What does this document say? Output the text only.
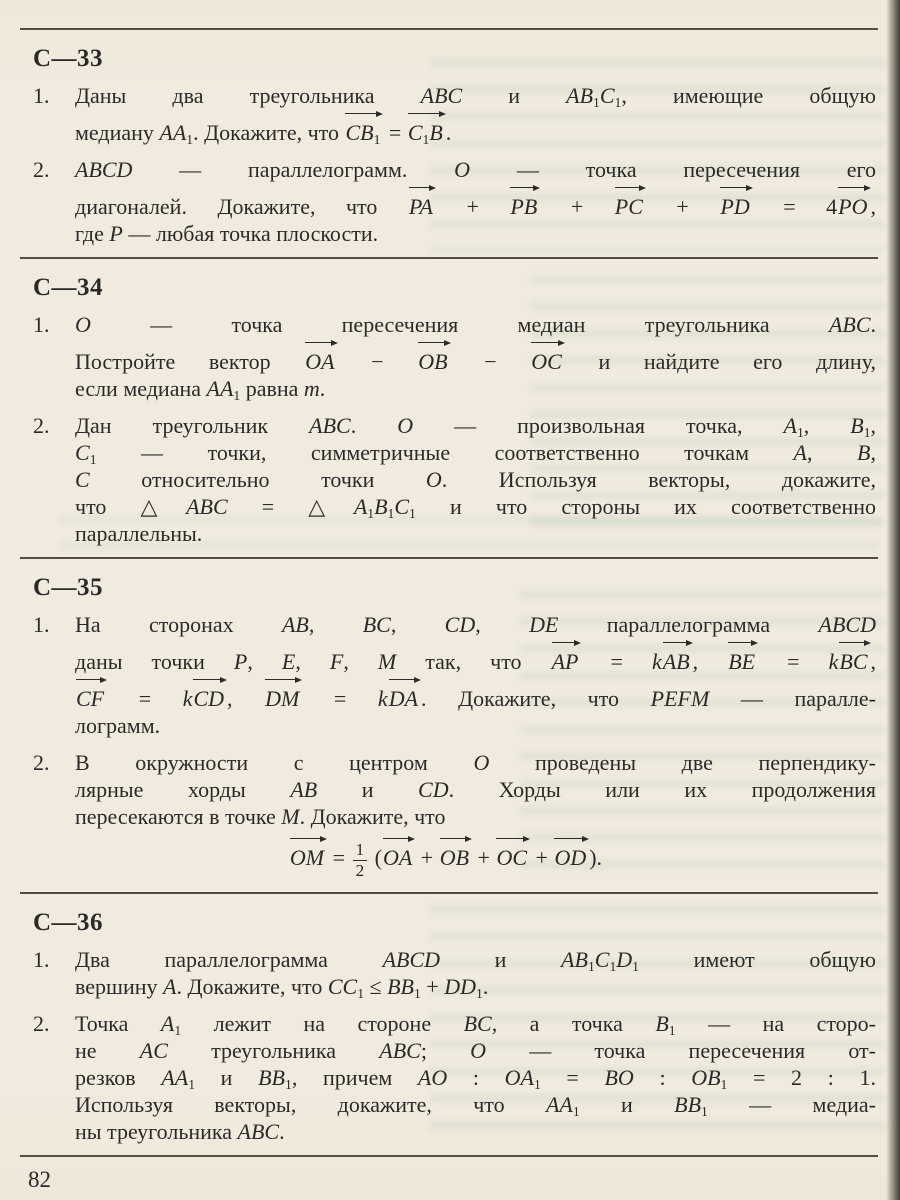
С—33
1.	Даны два треугольника ABC и $AB_1C_1$, имеющие общую
медиану $AA_1$. Докажите, что $CB_1 = C_1B$ .
2.	ABCD — параллелограмм. O — точка пересечения его
диагоналей. Докажите, что PA + PB + PC + PD = 4PO ,
где P — любая точка плоскости.
С—34
1.	O — точка пересечения медиан треугольника ABC.
Постройте вектор OA − OB − OC и найдите его длину,
если медиана $AA_1$ равна m.
2.	Дан треугольник ABC. O — произвольная точка, $A_1$, $B_1$,
$C_1$ — точки, симметричные соответственно точкам A, B,
C относительно точки O. Используя векторы, докажите,
что △ABC = $\triangle A_1B_1C_1$ и что стороны их соответственно
параллельны.
С—35
1.	На сторонах AB, BC, CD, DE параллелограмма ABCD
даны точки P, E, F, M так, что AP = kAB , BE = kBC ,
CF = kCD , DM = kDA . Докажите, что PEFM — паралле-
лограмм.
2.	В окружности с центром O проведены две перпендику-
лярные хорды AB и CD. Хорды или их продолжения
пересекаются в точке M. Докажите, что
OM = $\frac{1}{2} (OA$ + OB + OC + OD ).
С—36
1.	Два параллелограмма ABCD и $AB_1C_1D_1$ имеют общую
вершину A. Докажите, что $CC_1 \le BB_1 + DD_1$.
2.	Точка $A_1$ лежит на стороне BC, а точка $B_1$ — на сторо-
не AC треугольника ABC; O — точка пересечения от-
резков $AA_1$ и $BB_1$, причем AO : $OA_1$ = BO : $OB_1 = 2$ : 1.
Используя векторы, докажите, что $AA_1$ и $BB_1$ — медиа-
ны треугольника ABC.
82
